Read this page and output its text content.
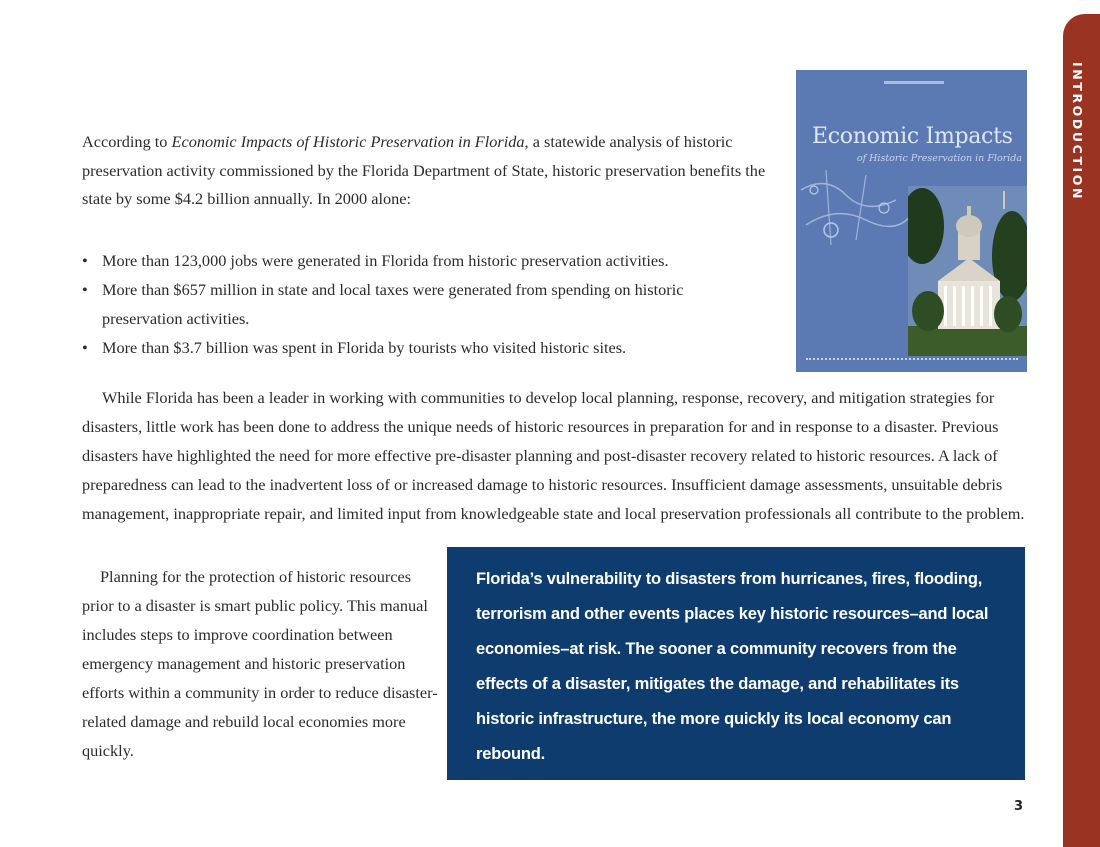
INTRODUCTION
Economic Impacts
of Historic Preservation in Florida

According to Economic Impacts of Historic Preservation in Florida, a statewide analysis of historic preservation activity commissioned by the Florida Department of State, historic preservation benefits the state by some $4.2 billion annually. In 2000 alone:

• More than 123,000 jobs were generated in Florida from historic preservation activities.
• More than $657 million in state and local taxes were generated from spending on historic preservation activities.
• More than $3.7 billion was spent in Florida by tourists who visited historic sites.

While Florida has been a leader in working with communities to develop local planning, response, recovery, and mitigation strategies for disasters, little work has been done to address the unique needs of historic resources in preparation for and in response to a disaster. Previous disasters have highlighted the need for more effective pre-disaster planning and post-disaster recovery related to historic resources. A lack of preparedness can lead to the inadvertent loss of or increased damage to historic resources. Insufficient damage assessments, unsuitable debris management, inappropriate repair, and limited input from knowledgeable state and local preservation professionals all contribute to the problem.

Planning for the protection of historic resources prior to a disaster is smart public policy. This manual includes steps to improve coordination between emergency management and historic preservation efforts within a community in order to reduce disaster-related damage and rebuild local economies more quickly.

Florida’s vulnerability to disasters from hurricanes, fires, flooding, terrorism and other events places key historic resources–and local economies–at risk. The sooner a community recovers from the effects of a disaster, mitigates the damage, and rehabilitates its historic infrastructure, the more quickly its local economy can rebound.
3
